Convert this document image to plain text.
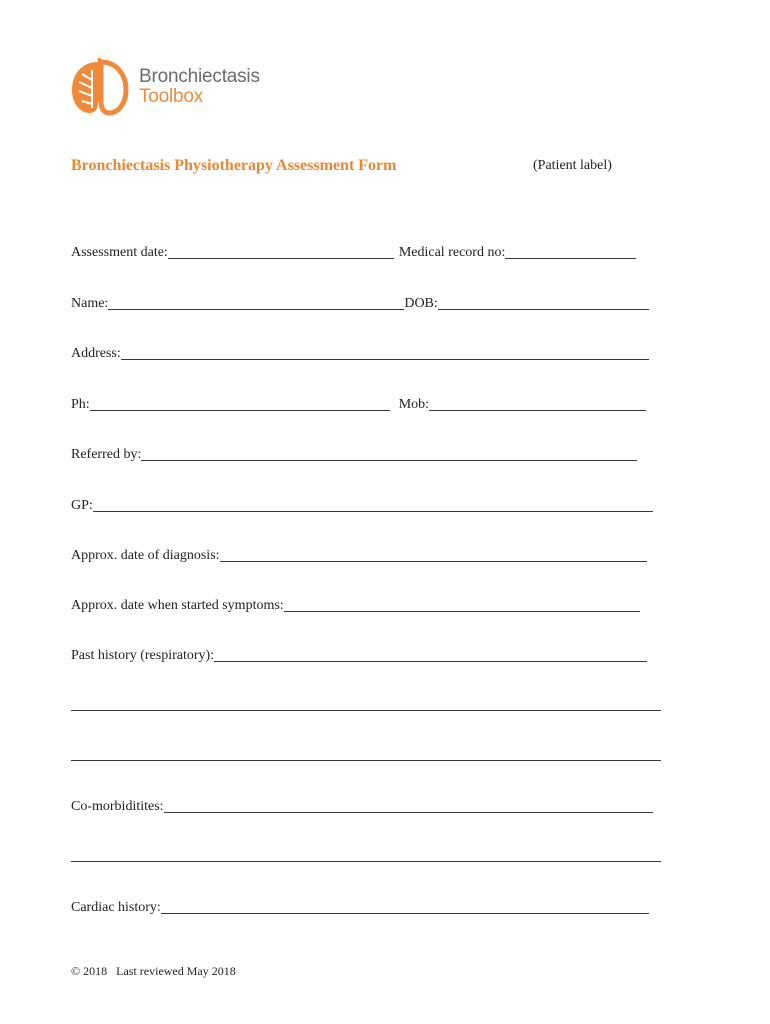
Bronchiectasis
Toolbox
Bronchiectasis Physiotherapy Assessment Form	(Patient label)
Assessment date:	Medical record no:
Name:	DOB:
Address:
Ph:	Mob:
Referred by:
GP:
Approx. date of diagnosis:
Approx. date when started symptoms:
Past history (respiratory):
Co-morbiditites:
Cardiac history:
© 2018 Last reviewed May 2018
